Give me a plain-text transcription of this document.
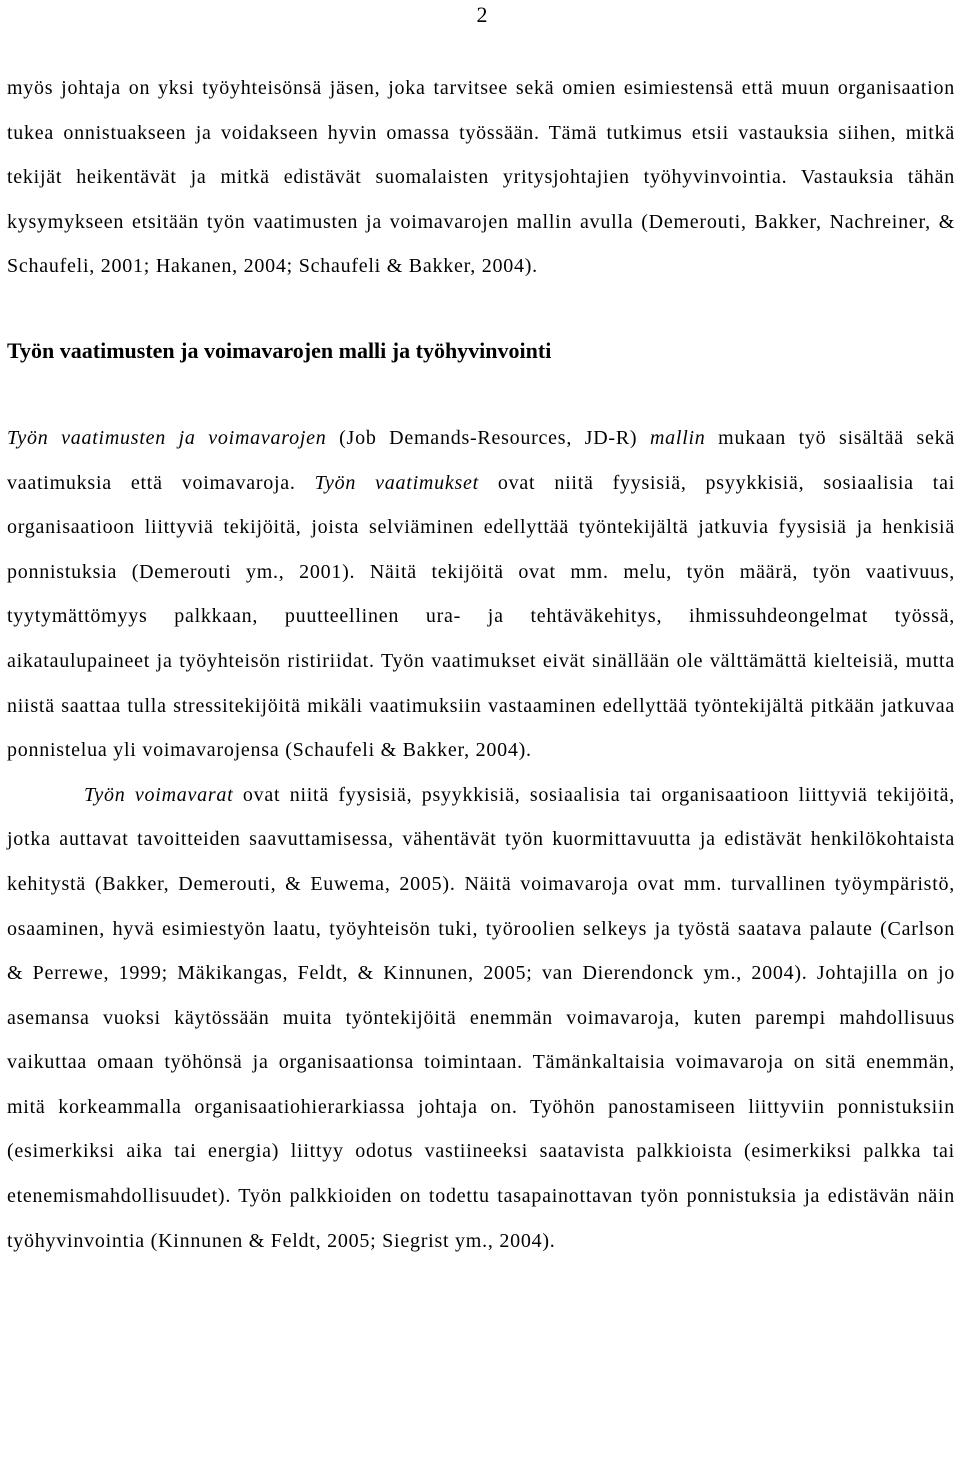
2

myös johtaja on yksi työyhteisönsä jäsen, joka tarvitsee sekä omien esimiestensä että muun organisaation tukea onnistuakseen ja voidakseen hyvin omassa työssään. Tämä tutkimus etsii vastauksia siihen, mitkä tekijät heikentävät ja mitkä edistävät suomalaisten yritysjohtajien työhyvinvointia. Vastauksia tähän kysymykseen etsitään työn vaatimusten ja voimavarojen mallin avulla (Demerouti, Bakker, Nachreiner, & Schaufeli, 2001; Hakanen, 2004; Schaufeli & Bakker, 2004).

Työn vaatimusten ja voimavarojen malli ja työhyvinvointi

Työn vaatimusten ja voimavarojen (Job Demands-Resources, JD-R) mallin mukaan työ sisältää sekä vaatimuksia että voimavaroja. Työn vaatimukset ovat niitä fyysisiä, psyykkisiä, sosiaalisia tai organisaatioon liittyviä tekijöitä, joista selviäminen edellyttää työntekijältä jatkuvia fyysisiä ja henkisiä ponnistuksia (Demerouti ym., 2001). Näitä tekijöitä ovat mm. melu, työn määrä, työn vaativuus, tyytymättömyys palkkaan, puutteellinen ura- ja tehtäväkehitys, ihmissuhdeongelmat työssä, aikataulupaineet ja työyhteisön ristiriidat. Työn vaatimukset eivät sinällään ole välttämättä kielteisiä, mutta niistä saattaa tulla stressitekijöitä mikäli vaatimuksiin vastaaminen edellyttää työntekijältä pitkään jatkuvaa ponnistelua yli voimavarojensa (Schaufeli & Bakker, 2004).

Työn voimavarat ovat niitä fyysisiä, psyykkisiä, sosiaalisia tai organisaatioon liittyviä tekijöitä, jotka auttavat tavoitteiden saavuttamisessa, vähentävät työn kuormittavuutta ja edistävät henkilökohtaista kehitystä (Bakker, Demerouti, & Euwema, 2005). Näitä voimavaroja ovat mm. turvallinen työympäristö, osaaminen, hyvä esimiestyön laatu, työyhteisön tuki, työroolien selkeys ja työstä saatava palaute (Carlson & Perrewe, 1999; Mäkikangas, Feldt, & Kinnunen, 2005; van Dierendonck ym., 2004). Johtajilla on jo asemansa vuoksi käytössään muita työntekijöitä enemmän voimavaroja, kuten parempi mahdollisuus vaikuttaa omaan työhönsä ja organisaationsa toimintaan. Tämänkaltaisia voimavaroja on sitä enemmän, mitä korkeammalla organisaatiohierarkiassa johtaja on. Työhön panostamiseen liittyviin ponnistuksiin (esimerkiksi aika tai energia) liittyy odotus vastiineeksi saatavista palkkioista (esimerkiksi palkka tai etenemismahdollisuudet). Työn palkkioiden on todettu tasapainottavan työn ponnistuksia ja edistävän näin työhyvinvointia (Kinnunen & Feldt, 2005; Siegrist ym., 2004).
